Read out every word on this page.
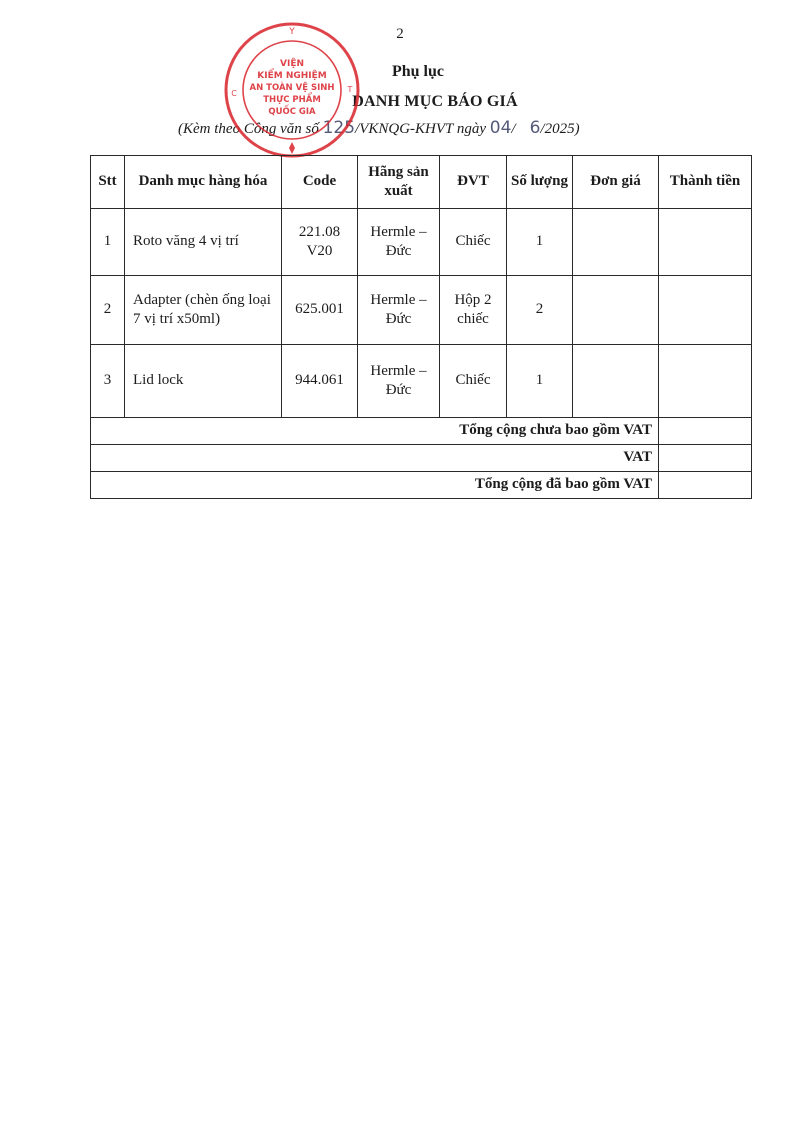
2
Phụ lục
DANH MỤC BÁO GIÁ
(Kèm theo Công văn số 125/VKNQG-KHVT ngày 04/ 6/2025)
Y
C	T
VIỆN
KIỂM NGHIỆM
AN TOÀN VỆ SINH
THỰC PHẨM
QUỐC GIA
Stt	Danh mục hàng hóa	Code	Hãng sản xuất	ĐVT	Số lượng	Đơn giá	Thành tiền
1	Roto văng 4 vị trí	221.08 V20	Hermle – Đức	Chiếc	1		
2	Adapter (chèn ống loại 7 vị trí x50ml)	625.001	Hermle – Đức	Hộp 2 chiếc	2		
3	Lid lock	944.061	Hermle – Đức	Chiếc	1		
Tổng cộng chưa bao gồm VAT							
VAT							
Tổng cộng đã bao gồm VAT							
